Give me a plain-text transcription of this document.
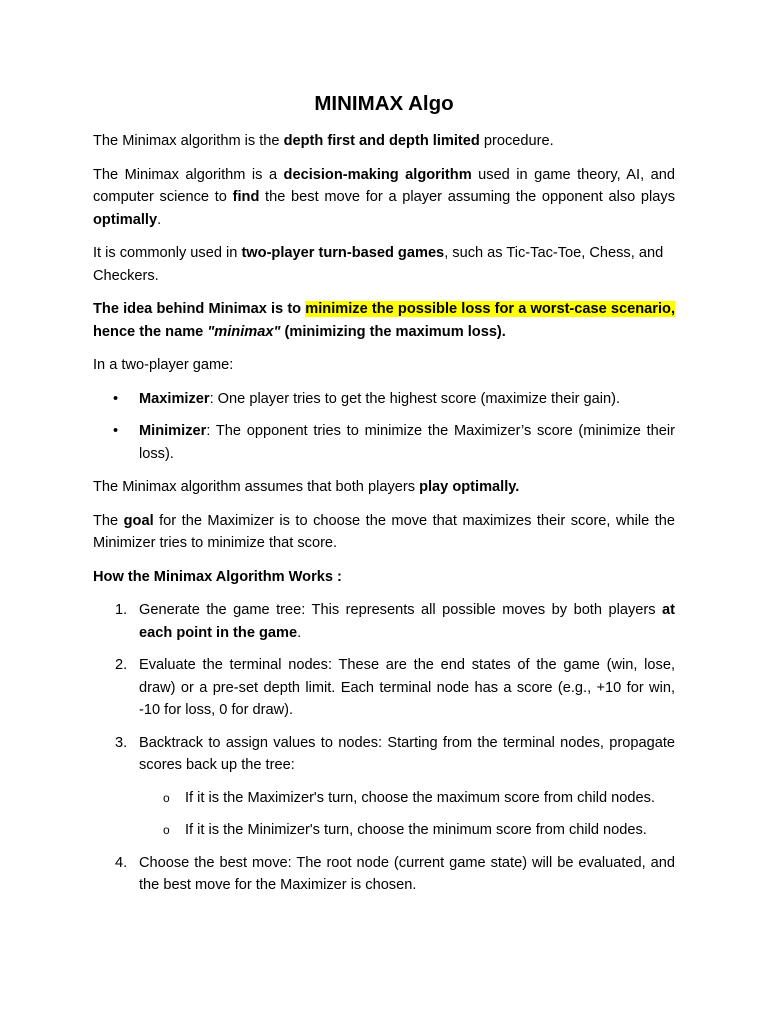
MINIMAX Algo

The Minimax algorithm is the depth first and depth limited procedure.

The Minimax algorithm is a decision-making algorithm used in game theory, AI, and computer science to find the best move for a player assuming the opponent also plays optimally.

It is commonly used in two-player turn-based games, such as Tic-Tac-Toe, Chess, and Checkers.

The idea behind Minimax is to minimize the possible loss for a worst-case scenario, hence the name "minimax" (minimizing the maximum loss).

In a two-player game:

• Maximizer: One player tries to get the highest score (maximize their gain).
• Minimizer: The opponent tries to minimize the Maximizer’s score (minimize their loss).

The Minimax algorithm assumes that both players play optimally.

The goal for the Maximizer is to choose the move that maximizes their score, while the Minimizer tries to minimize that score.

How the Minimax Algorithm Works :

1. Generate the game tree: This represents all possible moves by both players at each point in the game.
2. Evaluate the terminal nodes: These are the end states of the game (win, lose, draw) or a pre-set depth limit. Each terminal node has a score (e.g., +10 for win, -10 for loss, 0 for draw).
3. Backtrack to assign values to nodes: Starting from the terminal nodes, propagate scores back up the tree:
o If it is the Maximizer's turn, choose the maximum score from child nodes.
o If it is the Minimizer's turn, choose the minimum score from child nodes.
4. Choose the best move: The root node (current game state) will be evaluated, and the best move for the Maximizer is chosen.
